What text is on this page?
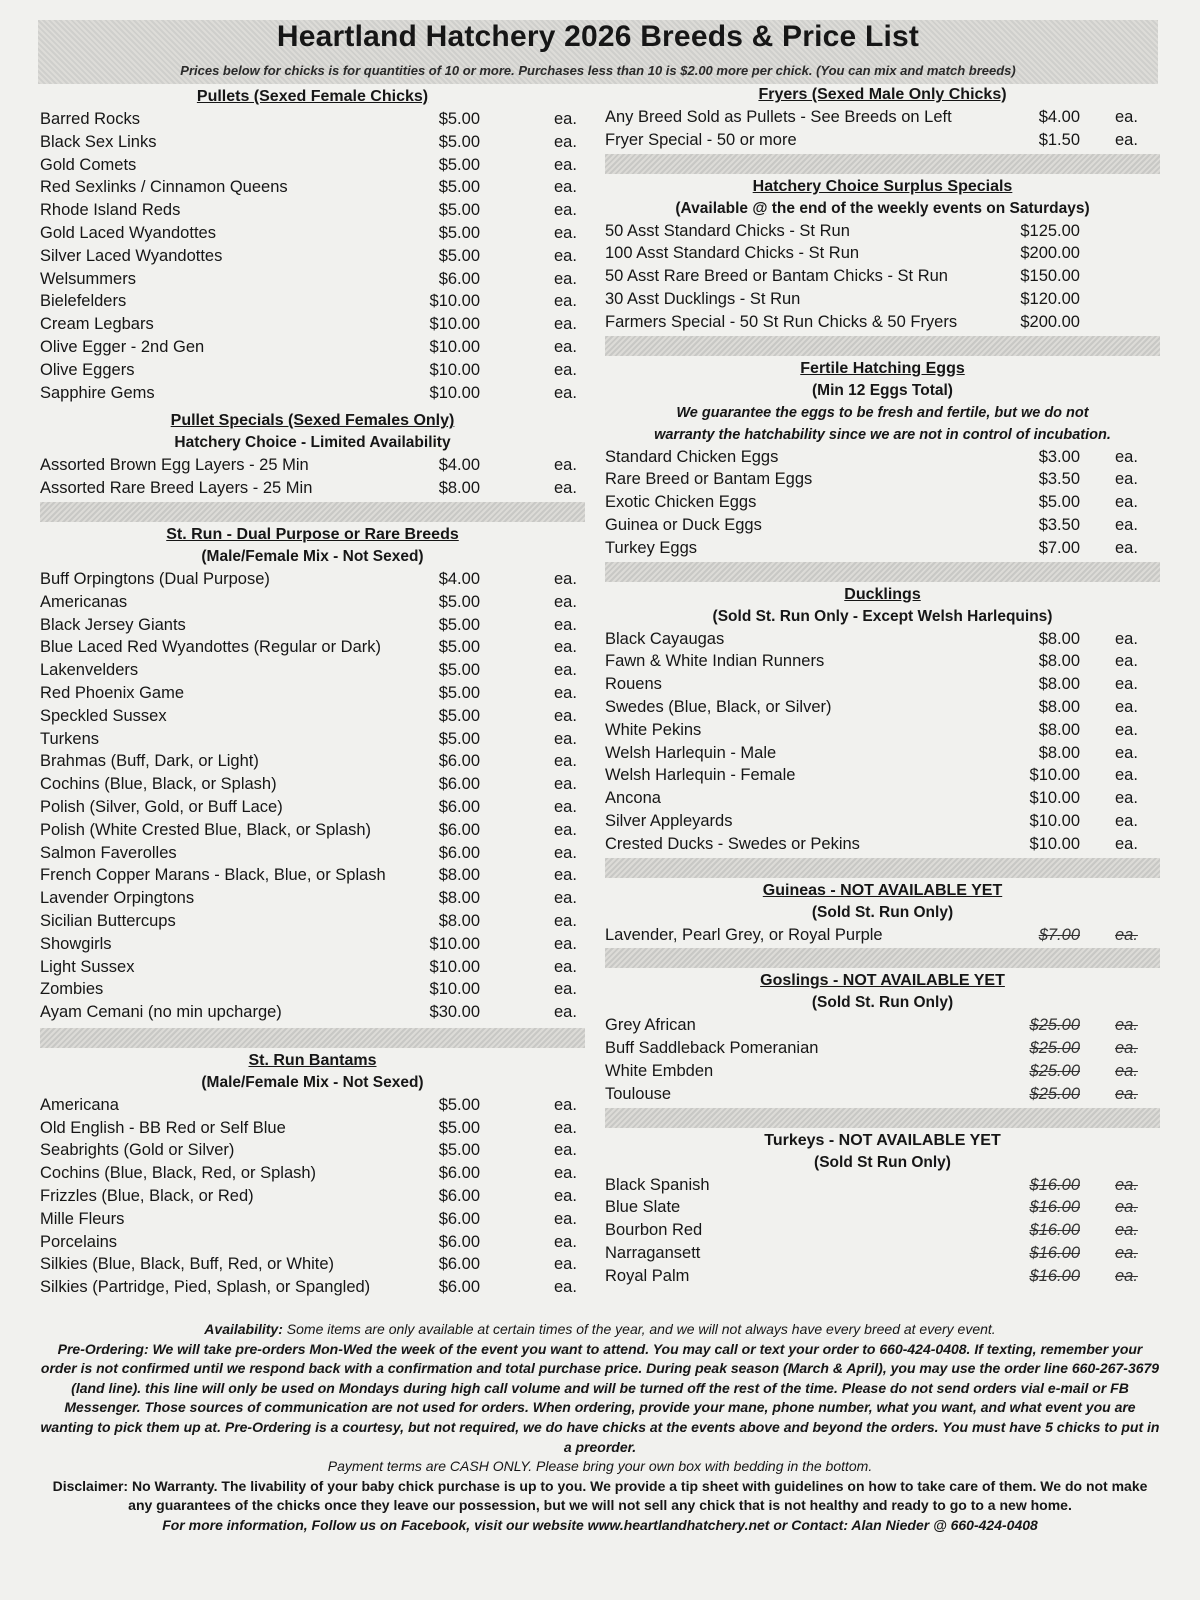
Heartland Hatchery 2026 Breeds & Price List
Prices below for chicks is for quantities of 10 or more. Purchases less than 10 is $2.00 more per chick. (You can mix and match breeds)
Pullets (Sexed Female Chicks)
Barred Rocks	$5.00	ea.
Black Sex Links	$5.00	ea.
Gold Comets	$5.00	ea.
Red Sexlinks / Cinnamon Queens	$5.00	ea.
Rhode Island Reds	$5.00	ea.
Gold Laced Wyandottes	$5.00	ea.
Silver Laced Wyandottes	$5.00	ea.
Welsummers	$6.00	ea.
Bielefelders	$10.00	ea.
Cream Legbars	$10.00	ea.
Olive Egger - 2nd Gen	$10.00	ea.
Olive Eggers	$10.00	ea.
Sapphire Gems	$10.00	ea.
Pullet Specials (Sexed Females Only)
Hatchery Choice - Limited Availability
Assorted Brown Egg Layers - 25 Min	$4.00	ea.
Assorted Rare Breed Layers - 25 Min	$8.00	ea.
St. Run - Dual Purpose or Rare Breeds
(Male/Female Mix - Not Sexed)
Buff Orpingtons (Dual Purpose)	$4.00	ea.
Americanas	$5.00	ea.
Black Jersey Giants	$5.00	ea.
Blue Laced Red Wyandottes (Regular or Dark)	$5.00	ea.
Lakenvelders	$5.00	ea.
Red Phoenix Game	$5.00	ea.
Speckled Sussex	$5.00	ea.
Turkens	$5.00	ea.
Brahmas (Buff, Dark, or Light)	$6.00	ea.
Cochins (Blue, Black, or Splash)	$6.00	ea.
Polish (Silver, Gold, or Buff Lace)	$6.00	ea.
Polish (White Crested Blue, Black, or Splash)	$6.00	ea.
Salmon Faverolles	$6.00	ea.
French Copper Marans - Black, Blue, or Splash	$8.00	ea.
Lavender Orpingtons	$8.00	ea.
Sicilian Buttercups	$8.00	ea.
Showgirls	$10.00	ea.
Light Sussex	$10.00	ea.
Zombies	$10.00	ea.
Ayam Cemani (no min upcharge)	$30.00	ea.
St. Run Bantams
(Male/Female Mix - Not Sexed)
Americana	$5.00	ea.
Old English - BB Red or Self Blue	$5.00	ea.
Seabrights (Gold or Silver)	$5.00	ea.
Cochins (Blue, Black, Red, or Splash)	$6.00	ea.
Frizzles (Blue, Black, or Red)	$6.00	ea.
Mille Fleurs	$6.00	ea.
Porcelains	$6.00	ea.
Silkies (Blue, Black, Buff, Red, or White)	$6.00	ea.
Silkies (Partridge, Pied, Splash, or Spangled)	$6.00	ea.
Fryers (Sexed Male Only Chicks)
Any Breed Sold as Pullets - See Breeds on Left	$4.00 ea.
Fryer Special - 50 or more	$1.50 ea.
Hatchery Choice Surplus Specials
(Available @ the end of the weekly events on Saturdays)
50 Asst Standard Chicks - St Run	$125.00
100 Asst Standard Chicks - St Run	$200.00
50 Asst Rare Breed or Bantam Chicks - St Run	$150.00
30 Asst Ducklings - St Run	$120.00
Farmers Special - 50 St Run Chicks & 50 Fryers	$200.00
Fertile Hatching Eggs
(Min 12 Eggs Total)
We guarantee the eggs to be fresh and fertile, but we do not
warranty the hatchability since we are not in control of incubation.
Standard Chicken Eggs	$3.00 ea.
Rare Breed or Bantam Eggs	$3.50 ea.
Exotic Chicken Eggs	$5.00 ea.
Guinea or Duck Eggs	$3.50 ea.
Turkey Eggs	$7.00 ea.
Ducklings
(Sold St. Run Only - Except Welsh Harlequins)
Black Cayaugas	$8.00 ea.
Fawn & White Indian Runners	$8.00 ea.
Rouens	$8.00 ea.
Swedes (Blue, Black, or Silver)	$8.00 ea.
White Pekins	$8.00 ea.
Welsh Harlequin - Male	$8.00 ea.
Welsh Harlequin - Female	$10.00 ea.
Ancona	$10.00 ea.
Silver Appleyards	$10.00 ea.
Crested Ducks - Swedes or Pekins	$10.00 ea.
Guineas - NOT AVAILABLE YET
(Sold St. Run Only)
Lavender, Pearl Grey, or Royal Purple	$7.00 ea.
Goslings - NOT AVAILABLE YET
(Sold St. Run Only)
Grey African	$25.00 ea.
Buff Saddleback Pomeranian	$25.00 ea.
White Embden	$25.00 ea.
Toulouse	$25.00 ea.
Turkeys - NOT AVAILABLE YET
(Sold St Run Only)
Black Spanish	$16.00 ea.
Blue Slate	$16.00 ea.
Bourbon Red	$16.00 ea.
Narragansett	$16.00 ea.
Royal Palm	$16.00 ea.

Availability: Some items are only available at certain times of the year, and we will not always have every breed at every event.

Pre-Ordering: We will take pre-orders Mon-Wed the week of the event you want to attend. You may call or text your order to 660-424-0408. If texting, remember your order is not confirmed until we respond back with a confirmation and total purchase price. During peak season (March & April), you may use the order line 660-267-3679 (land line). this line will only be used on Mondays during high call volume and will be turned off the rest of the time. Please do not send orders vial e-mail or FB Messenger. Those sources of communication are not used for orders. When ordering, provide your mane, phone number, what you want, and what event you are wanting to pick them up at. Pre-Ordering is a courtesy, but not required, we do have chicks at the events above and beyond the orders. You must have 5 chicks to put in a preorder.

Payment terms are CASH ONLY. Please bring your own box with bedding in the bottom.

Disclaimer: No Warranty. The livability of your baby chick purchase is up to you. We provide a tip sheet with guidelines on how to take care of them. We do not make any guarantees of the chicks once they leave our possession, but we will not sell any chick that is not healthy and ready to go to a new home.

For more information, Follow us on Facebook, visit our website www.heartlandhatchery.net or Contact: Alan Nieder @ 660-424-0408
